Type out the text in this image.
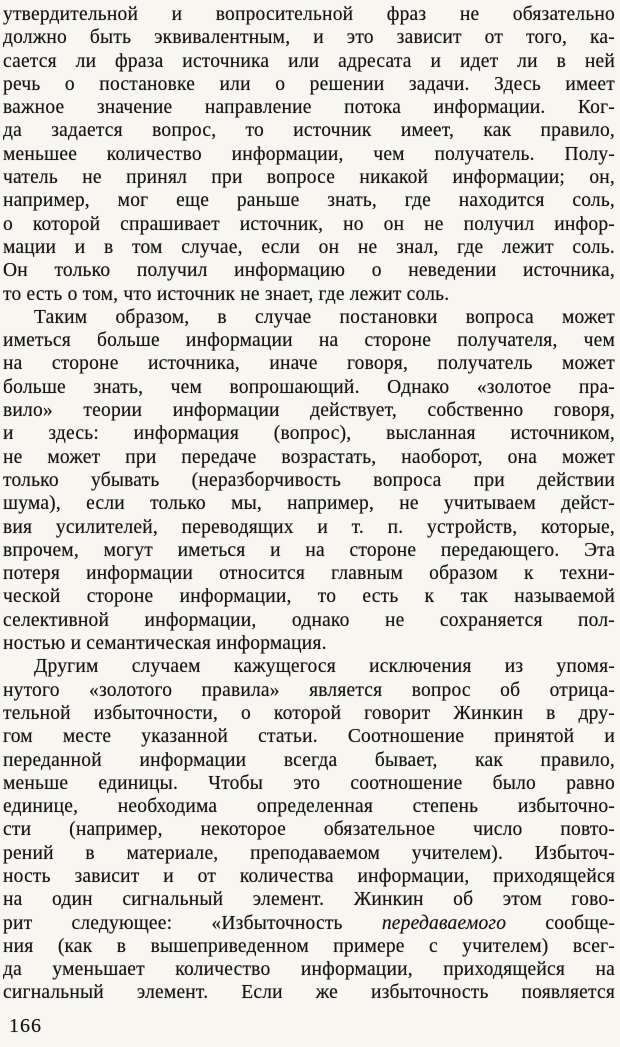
утвердительной и вопросительной фраз не обязательно
должно быть эквивалентным, и это зависит от того, ка-
сается ли фраза источника или адресата и идет ли в ней
речь о постановке или о решении задачи. Здесь имеет
важное значение направление потока информации. Ког-
да задается вопрос, то источник имеет, как правило,
меньшее количество информации, чем получатель. Полу-
чатель не принял при вопросе никакой информации; он,
например, мог еще раньше знать, где находится соль,
о которой спрашивает источник, но он не получил инфор-
мации и в том случае, если он не знал, где лежит соль.
Он только получил информацию о неведении источника,
то есть о том, что источник не знает, где лежит соль.
Таким образом, в случае постановки вопроса может
иметься больше информации на стороне получателя, чем
на стороне источника, иначе говоря, получатель может
больше знать, чем вопрошающий. Однако «золотое пра-
вило» теории информации действует, собственно говоря,
и здесь: информация (вопрос), высланная источником,
не может при передаче возрастать, наоборот, она может
только убывать (неразборчивость вопроса при действии
шума), если только мы, например, не учитываем дейст-
вия усилителей, переводящих и т. п. устройств, которые,
впрочем, могут иметься и на стороне передающего. Эта
потеря информации относится главным образом к техни-
ческой стороне информации, то есть к так называемой
селективной информации, однако не сохраняется пол-
ностью и семантическая информация.
Другим случаем кажущегося исключения из упомя-
нутого «золотого правила» является вопрос об отрица-
тельной избыточности, о которой говорит Жинкин в дру-
гом месте указанной статьи. Соотношение принятой и
переданной информации всегда бывает, как правило,
меньше единицы. Чтобы это соотношение было равно
единице, необходима определенная степень избыточно-
сти (например, некоторое обязательное число повто-
рений в материале, преподаваемом учителем). Избыточ-
ность зависит и от количества информации, приходящейся
на один сигнальный элемент. Жинкин об этом гово-
рит следующее: «Избыточность передаваемого сообще-
ния (как в вышеприведенном примере с учителем) всег-
да уменьшает количество информации, приходящейся на
сигнальный элемент. Если же избыточность появляется
166
